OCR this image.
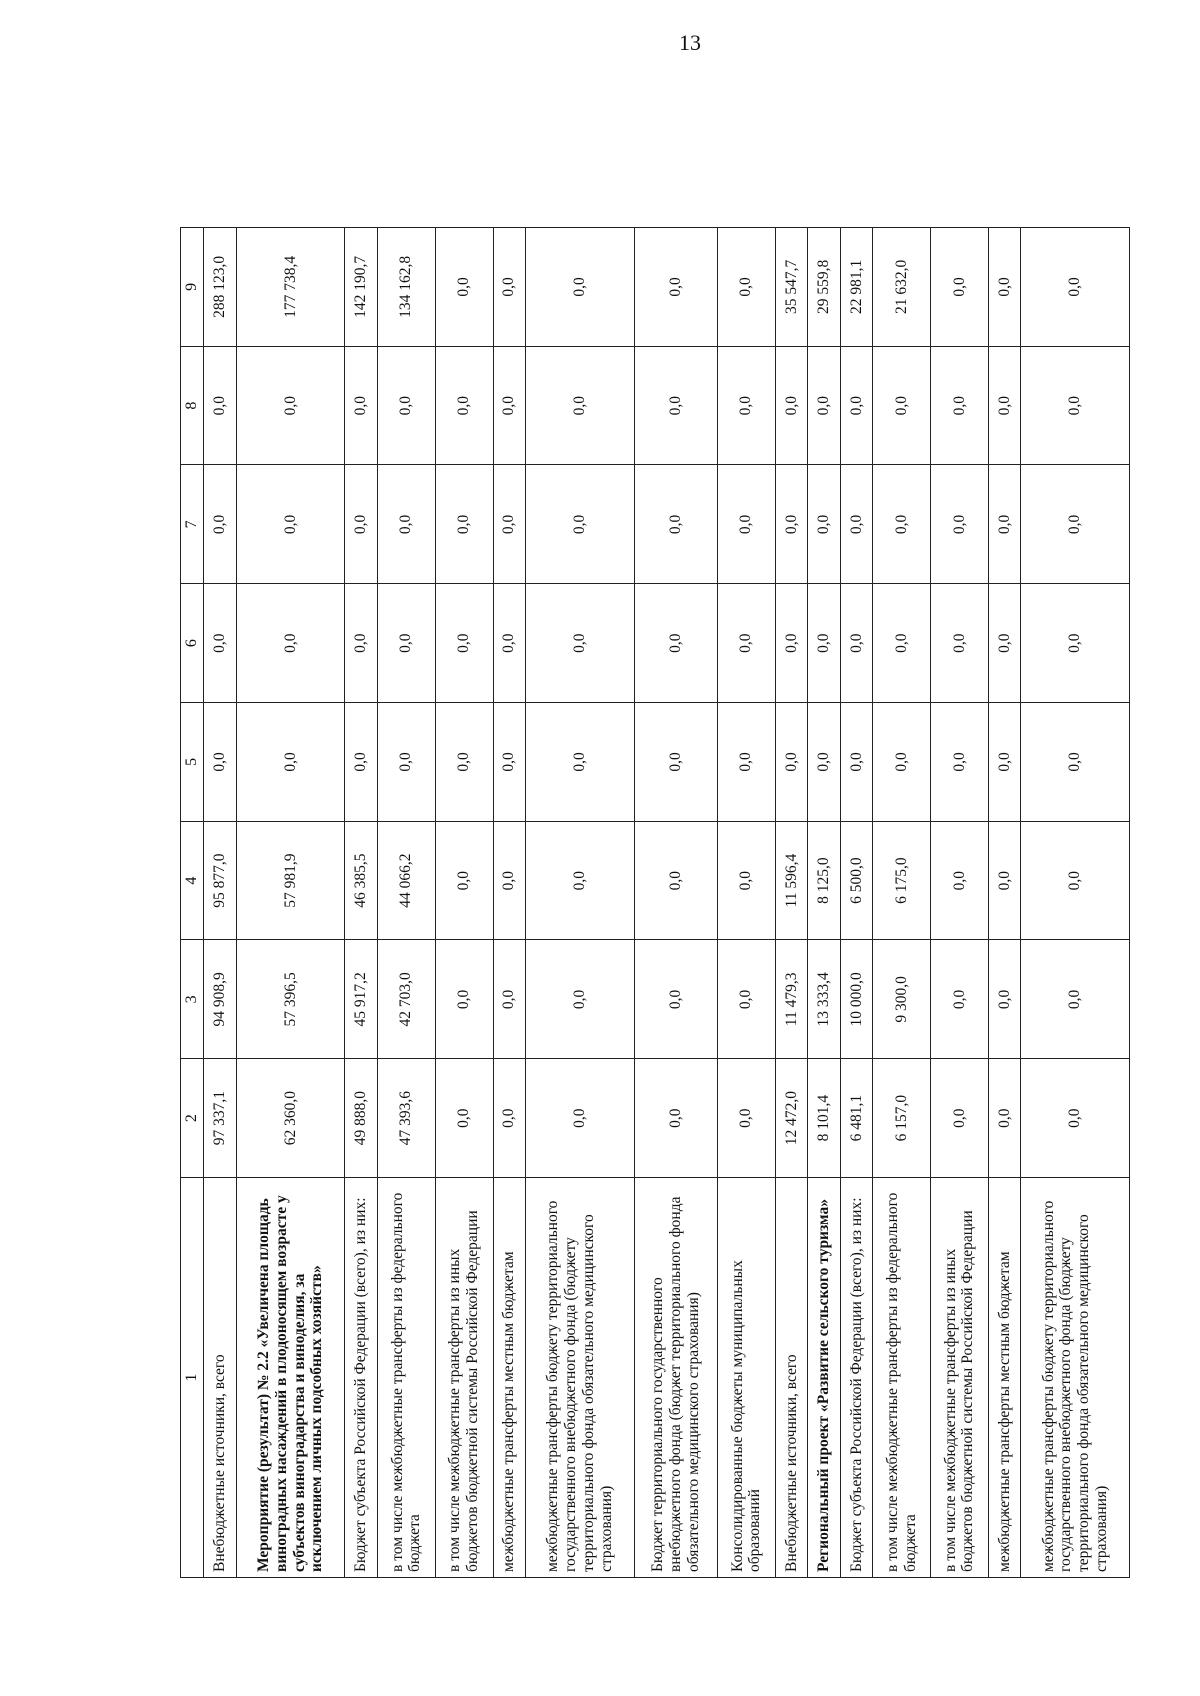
13
1	2	3	4	5	6	7	8	9
Внебюджетные источники, всего	97 337,1	94 908,9	95 877,0	0,0	0,0	0,0	0,0	288 123,0
Мероприятие (результат) № 2.2 «Увеличена площадь виноградных насаждений в плодоносящем возрасте у субъектов виноградарства и виноделия, за исключением личных подсобных хозяйств»	62 360,0	57 396,5	57 981,9	0,0	0,0	0,0	0,0	177 738,4
Бюджет субъекта Российской Федерации (всего), из них:	49 888,0	45 917,2	46 385,5	0,0	0,0	0,0	0,0	142 190,7
в том числе межбюджетные трансферты из федерального бюджета	47 393,6	42 703,0	44 066,2	0,0	0,0	0,0	0,0	134 162,8
в том числе межбюджетные трансферты из иных бюджетов бюджетной системы Российской Федерации	0,0	0,0	0,0	0,0	0,0	0,0	0,0	0,0
межбюджетные трансферты местным бюджетам	0,0	0,0	0,0	0,0	0,0	0,0	0,0	0,0
межбюджетные трансферты бюджету территориального государственного внебюджетного фонда (бюджету территориального фонда обязательного медицинского страхования)	0,0	0,0	0,0	0,0	0,0	0,0	0,0	0,0
Бюджет территориального государственного внебюджетного фонда (бюджет территориального фонда обязательного медицинского страхования)	0,0	0,0	0,0	0,0	0,0	0,0	0,0	0,0
Консолидированные бюджеты муниципальных образований	0,0	0,0	0,0	0,0	0,0	0,0	0,0	0,0
Внебюджетные источники, всего	12 472,0	11 479,3	11 596,4	0,0	0,0	0,0	0,0	35 547,7
Региональный проект «Развитие сельского туризма»	8 101,4	13 333,4	8 125,0	0,0	0,0	0,0	0,0	29 559,8
Бюджет субъекта Российской Федерации (всего), из них:	6 481,1	10 000,0	6 500,0	0,0	0,0	0,0	0,0	22 981,1
в том числе межбюджетные трансферты из федерального бюджета	6 157,0	9 300,0	6 175,0	0,0	0,0	0,0	0,0	21 632,0
в том числе межбюджетные трансферты из иных бюджетов бюджетной системы Российской Федерации	0,0	0,0	0,0	0,0	0,0	0,0	0,0	0,0
межбюджетные трансферты местным бюджетам	0,0	0,0	0,0	0,0	0,0	0,0	0,0	0,0
межбюджетные трансферты бюджету территориального государственного внебюджетного фонда (бюджету территориального фонда обязательного медицинского страхования)	0,0	0,0	0,0	0,0	0,0	0,0	0,0	0,0
